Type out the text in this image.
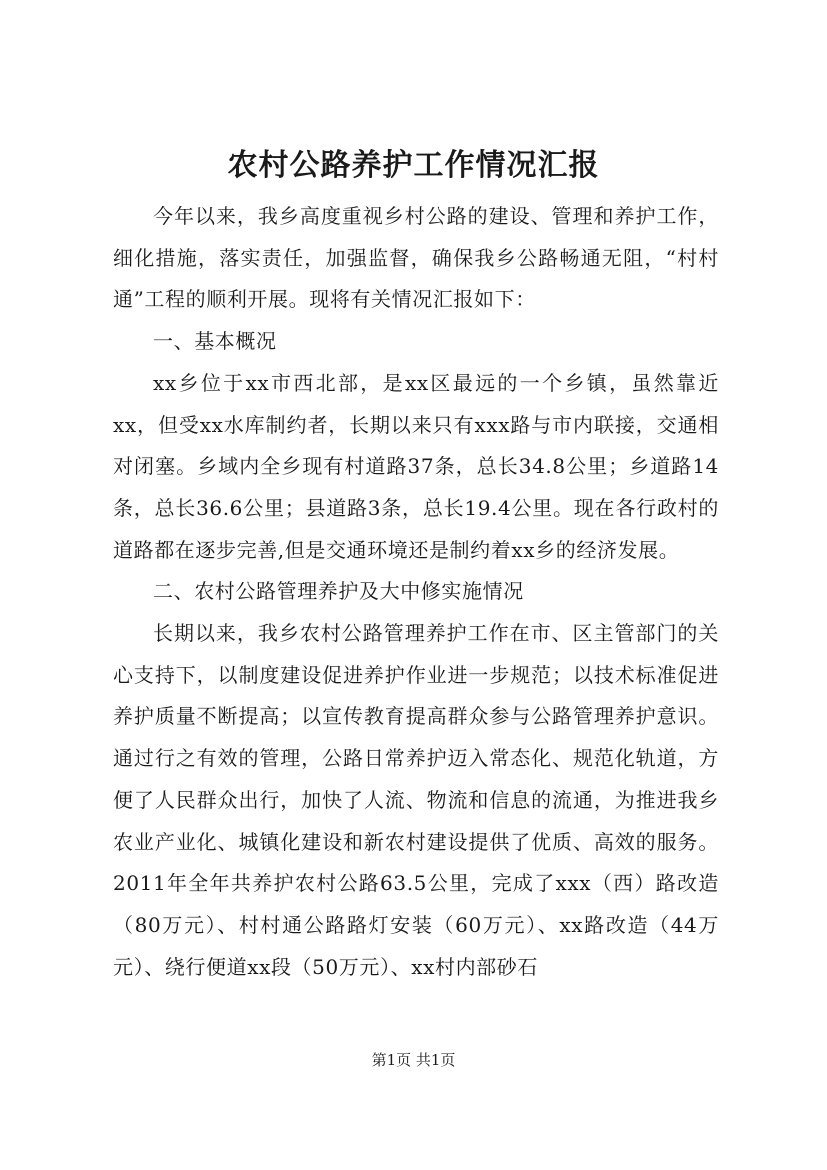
农村公路养护工作情况汇报

今年以来，我乡高度重视乡村公路的建设、管理和养护工作，细化措施，落实责任，加强监督，确保我乡公路畅通无阻，“村村通”工程的顺利开展。现将有关情况汇报如下：

一、基本概况

xx乡位于xx市西北部，是xx区最远的一个乡镇，虽然靠近xx，但受xx水库制约者，长期以来只有xxx路与市内联接，交通相对闭塞。乡域内全乡现有村道路37条，总长34.8公里；乡道路14条，总长36.6公里；县道路3条，总长19.4公里。现在各行政村的道路都在逐步完善,但是交通环境还是制约着xx乡的经济发展。

二、农村公路管理养护及大中修实施情况

长期以来，我乡农村公路管理养护工作在市、区主管部门的关心支持下，以制度建设促进养护作业进一步规范；以技术标准促进养护质量不断提高；以宣传教育提高群众参与公路管理养护意识。通过行之有效的管理，公路日常养护迈入常态化、规范化轨道，方便了人民群众出行，加快了人流、物流和信息的流通，为推进我乡农业产业化、城镇化建设和新农村建设提供了优质、高效的服务。2011年全年共养护农村公路63.5公里，完成了xxx（西）路改造（80万元）、村村通公路路灯安装（60万元）、xx路改造（44万元）、绕行便道xx段（50万元）、xx村内部砂石

第1页 共1页
